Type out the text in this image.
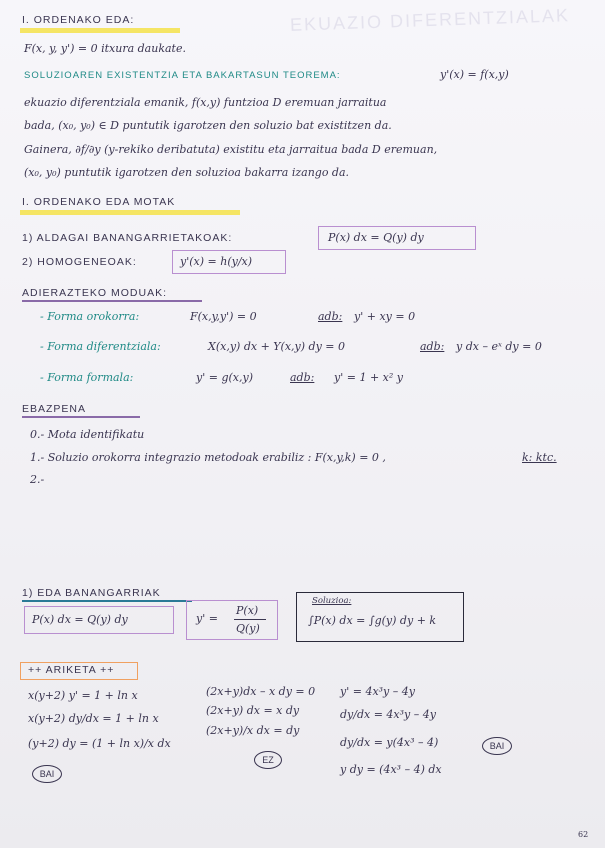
EKUAZIO DIFERENTZIALAK
I. ORDENAKO EDA:
F(x, y, y') = 0 itxura daukate.
SOLUZIOAREN EXISTENTZIA ETA BAKARTASUN TEOREMA:	y'(x) = f(x,y)
ekuazio diferentziala emanik, f(x,y) funtzioa D eremuan jarraitua
bada, (x₀, y₀) ∈ D puntutik igarotzen den soluzio bat existitzen da.
Gainera, ∂f/∂y (y-rekiko deribatuta) existitu eta jarraitua bada D eremuan,
(x₀, y₀) puntutik igarotzen den soluzioa bakarra izango da.
I. ORDENAKO EDA MOTAK
1) ALDAGAI BANANGARRIETAKOAK:	P(x) dx = Q(y) dy
2) HOMOGENEOAK:	y'(x) = h(y/x)
ADIERAZTEKO MODUAK:
- Forma orokorra:	F(x,y,y') = 0	adb: y' + xy = 0
- Forma diferentziala:	X(x,y) dx + Y(x,y) dy = 0	adb: y dx – eˣ dy = 0
- Forma formala:	y' = g(x,y)	adb: y' = 1 + x² y
EBAZPENA
0.- Mota identifikatu
1.- Soluzio orokorra integrazio metodoak erabiliz : F(x,y,k) = 0 ,	k: ktc.
2.-
1) EDA BANANGARRIAK
P(x) dx = Q(y) dy	y' =
P(x)
Q(y)
Soluzioa:
∫P(x) dx = ∫g(y) dy + k
++ ARIKETA ++
x(y+2) y' = 1 + ln x
x(y+2) dy/dx = 1 + ln x
(y+2) dy = (1 + ln x)/x dx
BAI
(2x+y)dx – x dy = 0
(2x+y) dx = x dy
(2x+y)/x dx = dy
EZ
y' = 4x³y – 4y
dy/dx = 4x³y – 4y
dy/dx = y(4x³ – 4)
y dy = (4x³ – 4) dx
BAI
62
